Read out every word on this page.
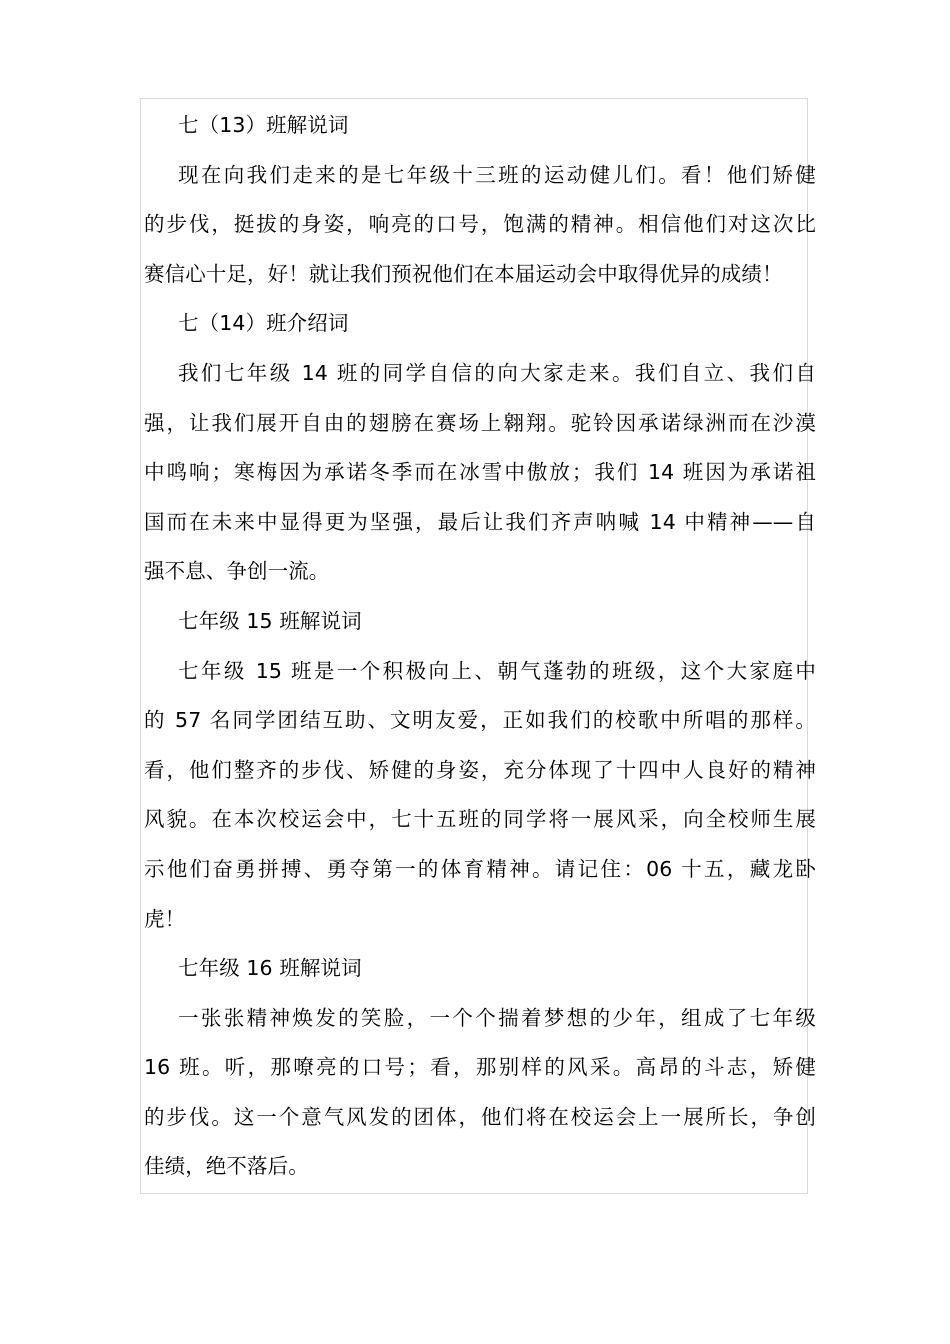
七（13）班解说词
现在向我们走来的是七年级十三班的运动健儿们。看！他们矫健
的步伐，挺拔的身姿，响亮的口号，饱满的精神。相信他们对这次比
赛信心十足，好！就让我们预祝他们在本届运动会中取得优异的成绩！
七（14）班介绍词
我们七年级 14 班的同学自信的向大家走来。我们自立、我们自
强，让我们展开自由的翅膀在赛场上翱翔。驼铃因承诺绿洲而在沙漠
中鸣响；寒梅因为承诺冬季而在冰雪中傲放；我们 14 班因为承诺祖
国而在未来中显得更为坚强，最后让我们齐声呐喊 14 中精神——自
强不息、争创一流。
七年级 15 班解说词
七年级 15 班是一个积极向上、朝气蓬勃的班级，这个大家庭中
的 57 名同学团结互助、文明友爱，正如我们的校歌中所唱的那样。
看，他们整齐的步伐、矫健的身姿，充分体现了十四中人良好的精神
风貌。在本次校运会中，七十五班的同学将一展风采，向全校师生展
示他们奋勇拼搏、勇夺第一的体育精神。请记住：06 十五，藏龙卧
虎！
七年级 16 班解说词
一张张精神焕发的笑脸，一个个揣着梦想的少年，组成了七年级
16 班。听，那嘹亮的口号；看，那别样的风采。高昂的斗志，矫健
的步伐。这一个意气风发的团体，他们将在校运会上一展所长，争创
佳绩，绝不落后。
